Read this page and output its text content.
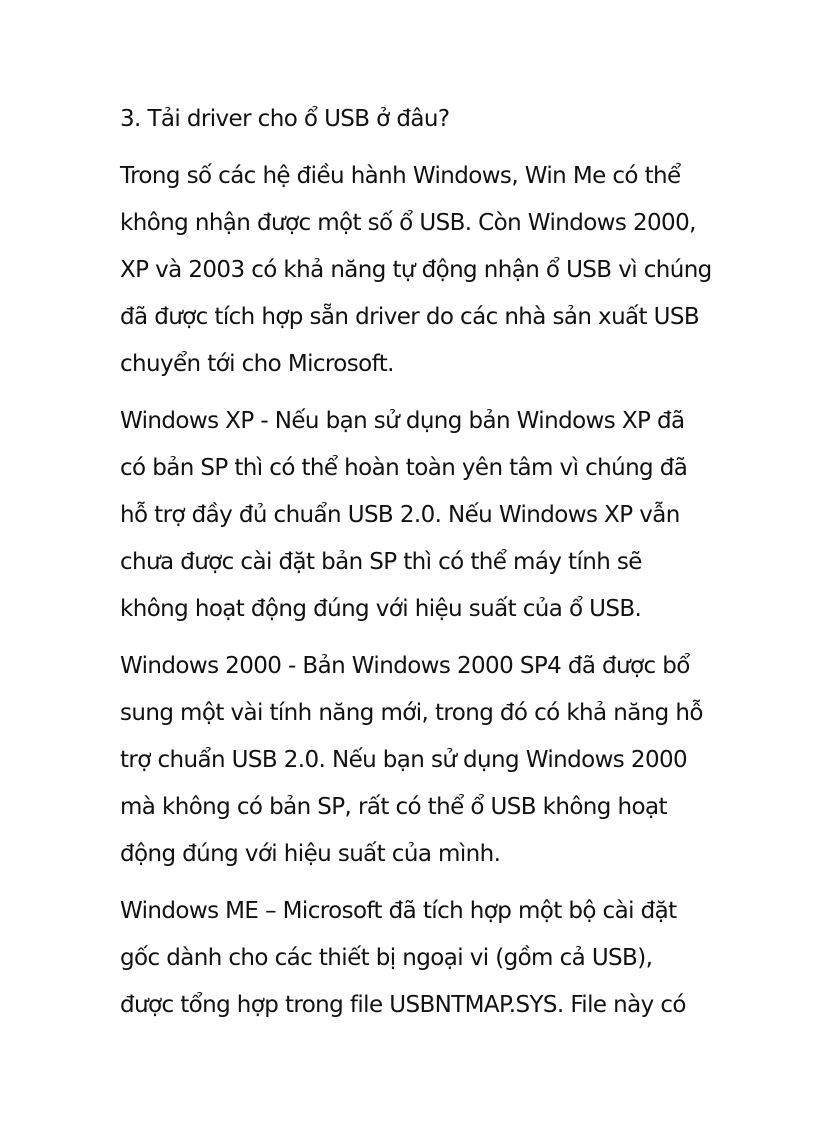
3. Tải driver cho ổ USB ở đâu?
Trong số các hệ điều hành Windows, Win Me có thể
không nhận được một số ổ USB. Còn Windows 2000,
XP và 2003 có khả năng tự động nhận ổ USB vì chúng
đã được tích hợp sẵn driver do các nhà sản xuất USB
chuyển tới cho Microsoft.
Windows XP - Nếu bạn sử dụng bản Windows XP đã
có bản SP thì có thể hoàn toàn yên tâm vì chúng đã
hỗ trợ đầy đủ chuẩn USB 2.0. Nếu Windows XP vẫn
chưa được cài đặt bản SP thì có thể máy tính sẽ
không hoạt động đúng với hiệu suất của ổ USB.
Windows 2000 - Bản Windows 2000 SP4 đã được bổ
sung một vài tính năng mới, trong đó có khả năng hỗ
trợ chuẩn USB 2.0. Nếu bạn sử dụng Windows 2000
mà không có bản SP, rất có thể ổ USB không hoạt
động đúng với hiệu suất của mình.
Windows ME – Microsoft đã tích hợp một bộ cài đặt
gốc dành cho các thiết bị ngoại vi (gồm cả USB),
được tổng hợp trong file USBNTMAP.SYS. File này có
